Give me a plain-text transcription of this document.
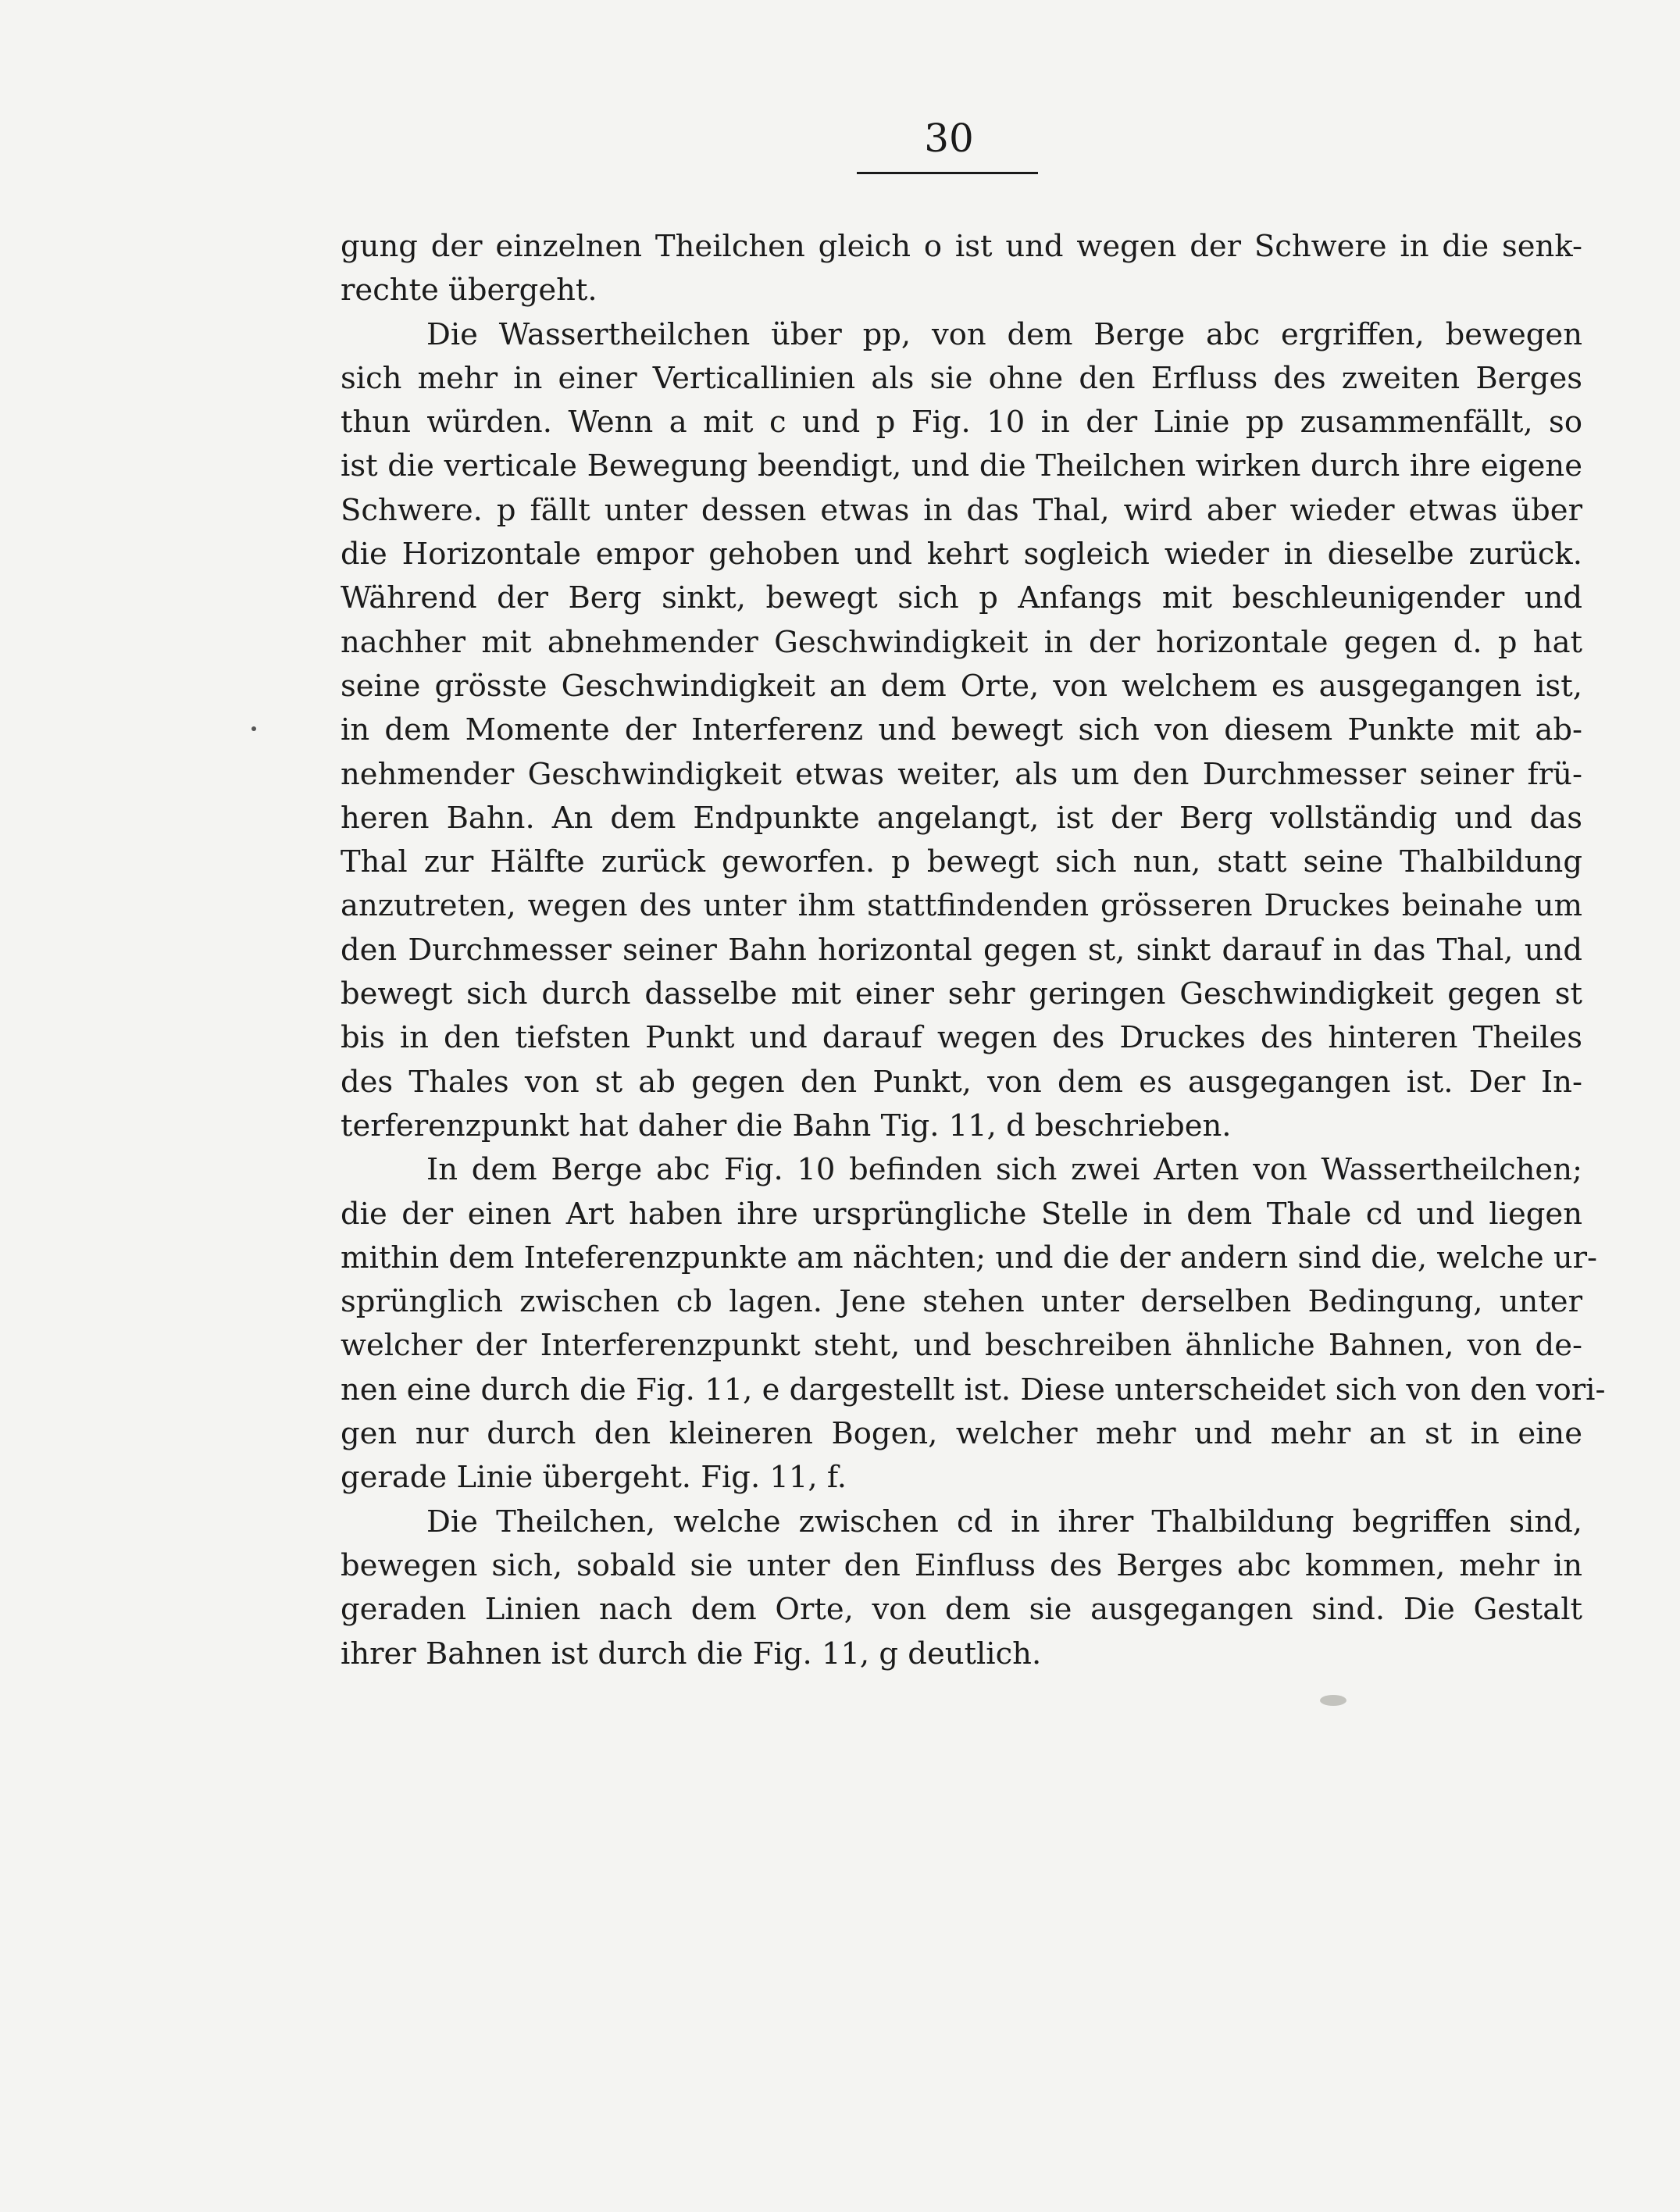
30

gung der einzelnen Theilchen gleich o ist und wegen der Schwere in die senk-
rechte übergeht.

Die Wassertheilchen über pp, von dem Berge abc ergriffen, bewegen
sich mehr in einer Verticallinien als sie ohne den Erfluss des zweiten Berges
thun würden. Wenn a mit c und p Fig. 10 in der Linie pp zusammenfällt, so
ist die verticale Bewegung beendigt, und die Theilchen wirken durch ihre eigene
Schwere. p fällt unter dessen etwas in das Thal, wird aber wieder etwas über
die Horizontale empor gehoben und kehrt sogleich wieder in dieselbe zurück.
Während der Berg sinkt, bewegt sich p Anfangs mit beschleunigender und
nachher mit abnehmender Geschwindigkeit in der horizontale gegen d. p hat
seine grösste Geschwindigkeit an dem Orte, von welchem es ausgegangen ist,
in dem Momente der Interferenz und bewegt sich von diesem Punkte mit ab-
nehmender Geschwindigkeit etwas weiter, als um den Durchmesser seiner frü-
heren Bahn. An dem Endpunkte angelangt, ist der Berg vollständig und das
Thal zur Hälfte zurück geworfen. p bewegt sich nun, statt seine Thalbildung
anzutreten, wegen des unter ihm stattfindenden grösseren Druckes beinahe um
den Durchmesser seiner Bahn horizontal gegen st, sinkt darauf in das Thal, und
bewegt sich durch dasselbe mit einer sehr geringen Geschwindigkeit gegen st
bis in den tiefsten Punkt und darauf wegen des Druckes des hinteren Theiles
des Thales von st ab gegen den Punkt, von dem es ausgegangen ist. Der In-
terferenzpunkt hat daher die Bahn Tig. 11, d beschrieben.

In dem Berge abc Fig. 10 befinden sich zwei Arten von Wassertheilchen;
die der einen Art haben ihre ursprüngliche Stelle in dem Thale cd und liegen
mithin dem Inteferenzpunkte am nächten; und die der andern sind die, welche ur-
sprünglich zwischen cb lagen. Jene stehen unter derselben Bedingung, unter
welcher der Interferenzpunkt steht, und beschreiben ähnliche Bahnen, von de-
nen eine durch die Fig. 11, e dargestellt ist. Diese unterscheidet sich von den vori-
gen nur durch den kleineren Bogen, welcher mehr und mehr an st in eine
gerade Linie übergeht. Fig. 11, f.

Die Theilchen, welche zwischen cd in ihrer Thalbildung begriffen sind,
bewegen sich, sobald sie unter den Einfluss des Berges abc kommen, mehr in
geraden Linien nach dem Orte, von dem sie ausgegangen sind. Die Gestalt
ihrer Bahnen ist durch die Fig. 11, g deutlich.
